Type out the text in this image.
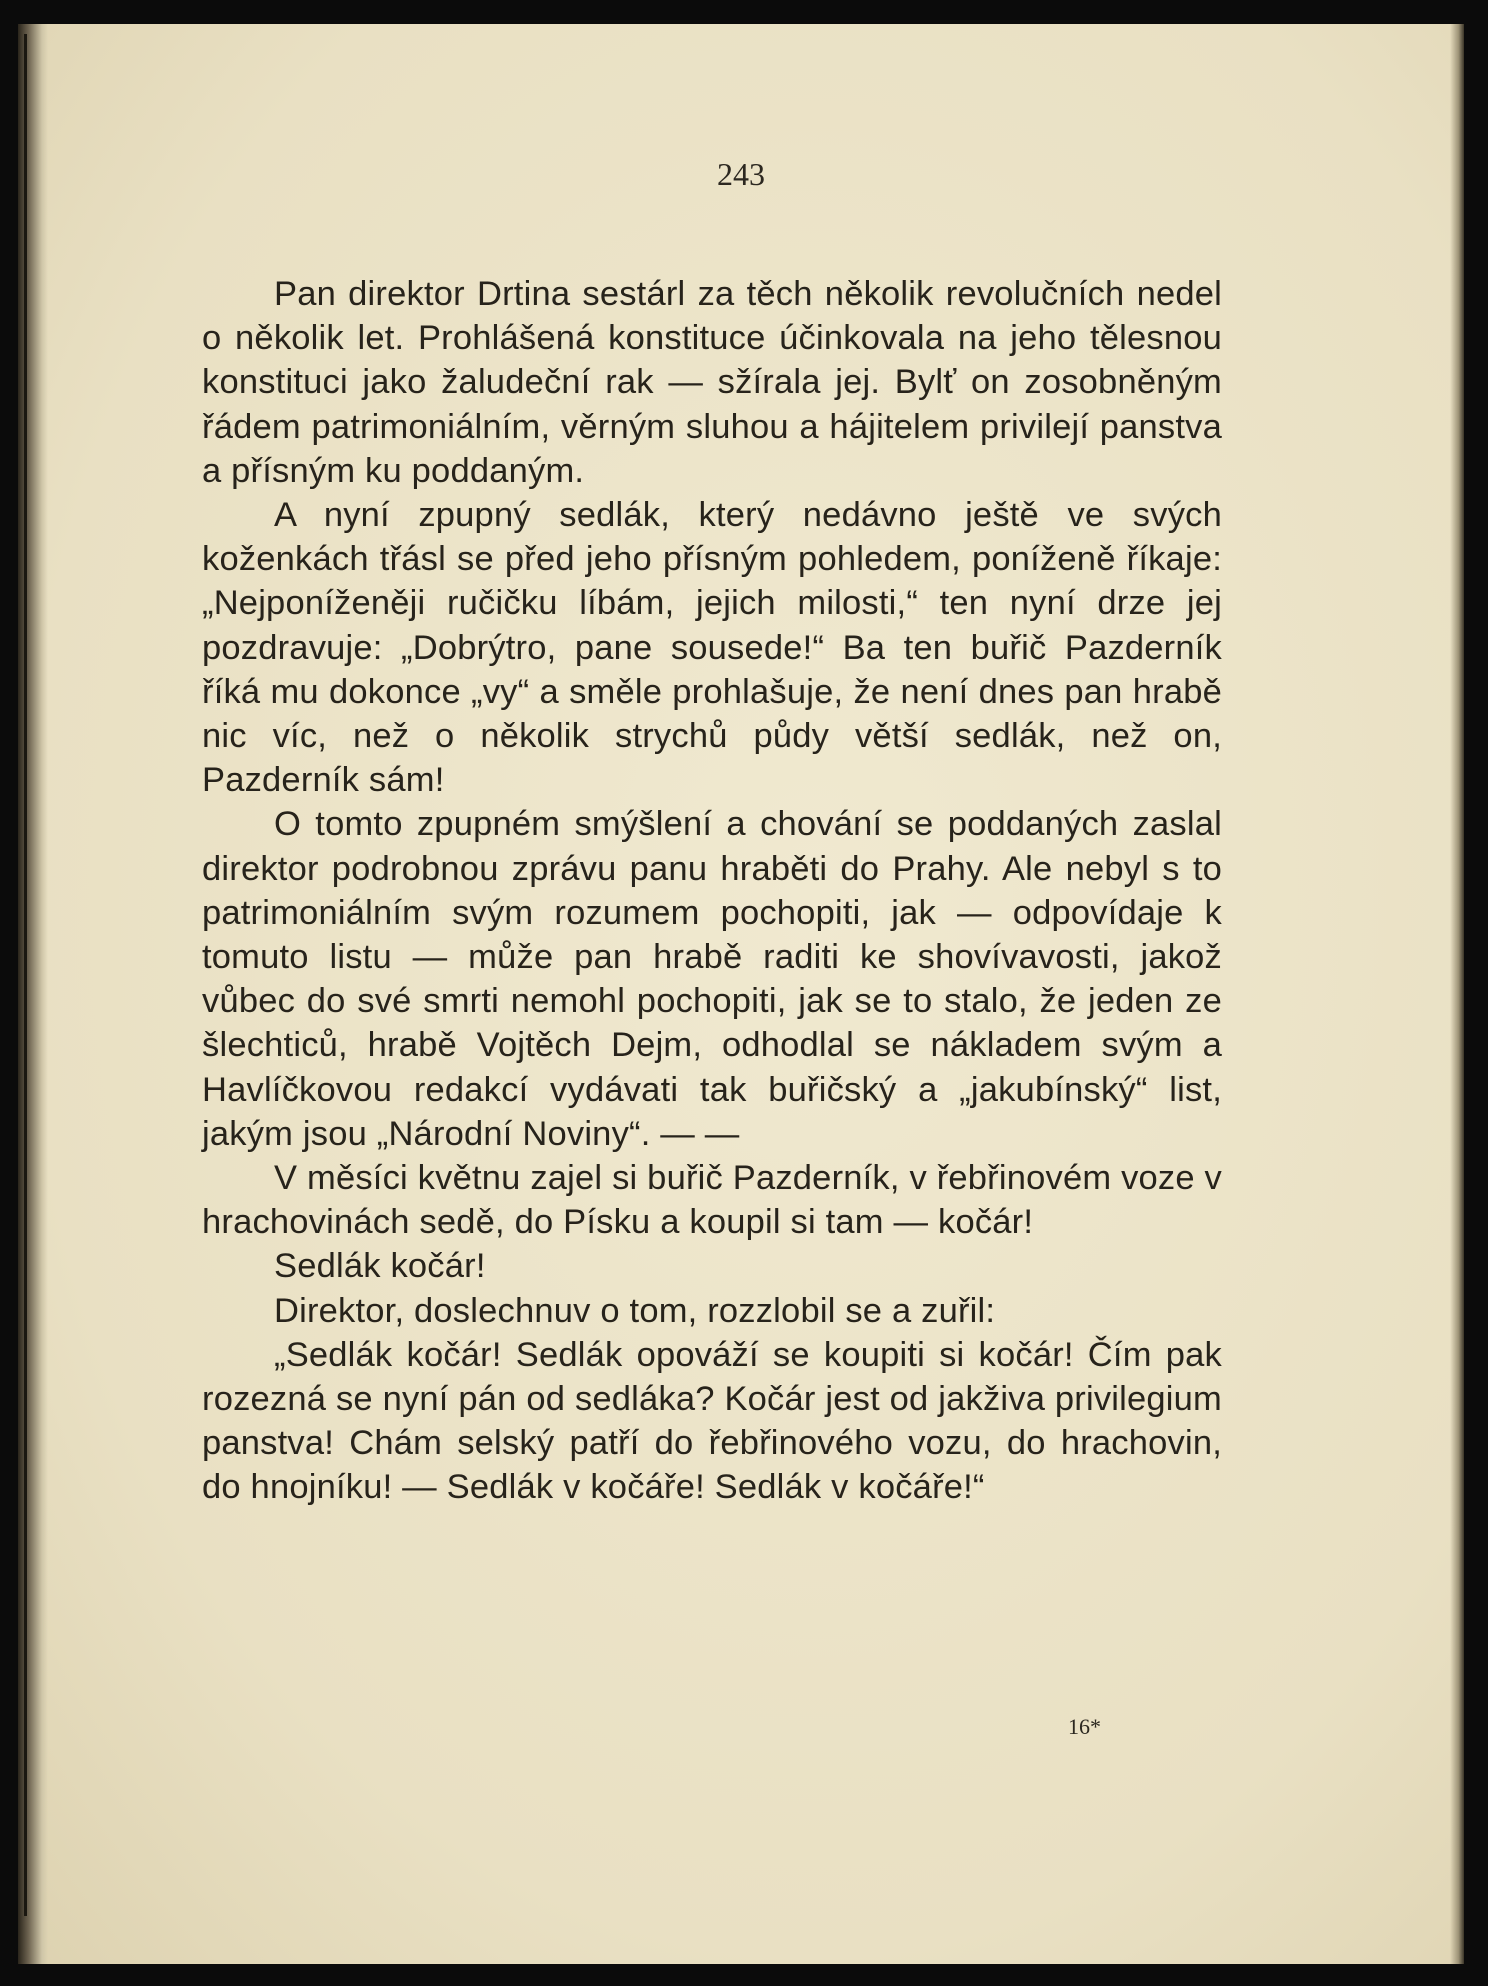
243

Pan direktor Drtina sestárl za těch několik revolučních nedel o několik let. Prohlášená konstituce účinkovala na jeho tělesnou konstituci jako žaludeční rak — sžírala jej. Bylť on zosobněným řádem patrimoniálním, věrným sluhou a hájitelem privilejí panstva a přísným ku poddaným.

A nyní zpupný sedlák, který nedávno ještě ve svých koženkách třásl se před jeho přísným pohledem, poníženě říkaje: „Nejponíženěji ručičku líbám, jejich milosti,“ ten nyní drze jej pozdravuje: „Dobrýtro, pane sousede!“ Ba ten buřič Pazderník říká mu dokonce „vy“ a směle prohlašuje, že není dnes pan hrabě nic víc, než o několik strychů půdy větší sedlák, než on, Pazderník sám!

O tomto zpupném smýšlení a chování se poddaných zaslal direktor podrobnou zprávu panu hraběti do Prahy. Ale nebyl s to patrimoniálním svým rozumem pochopiti, jak — odpovídaje k tomuto listu — může pan hrabě raditi ke shovívavosti, jakož vůbec do své smrti nemohl pochopiti, jak se to stalo, že jeden ze šlechticů, hrabě Vojtěch Dejm, odhodlal se nákladem svým a Havlíčkovou redakcí vydávati tak buřičský a „jakubínský“ list, jakým jsou „Národní Noviny“. — —

V měsíci květnu zajel si buřič Pazderník, v řebřinovém voze v hrachovinách sedě, do Písku a koupil si tam — kočár!

Sedlák kočár!

Direktor, doslechnuv o tom, rozzlobil se a zuřil:

„Sedlák kočár! Sedlák opováží se koupiti si kočár! Čím pak rozezná se nyní pán od sedláka? Kočár jest od jakživa privilegium panstva! Chám selský patří do řebřinového vozu, do hrachovin, do hnojníku! — Sedlák v kočáře! Sedlák v kočáře!“

16*
